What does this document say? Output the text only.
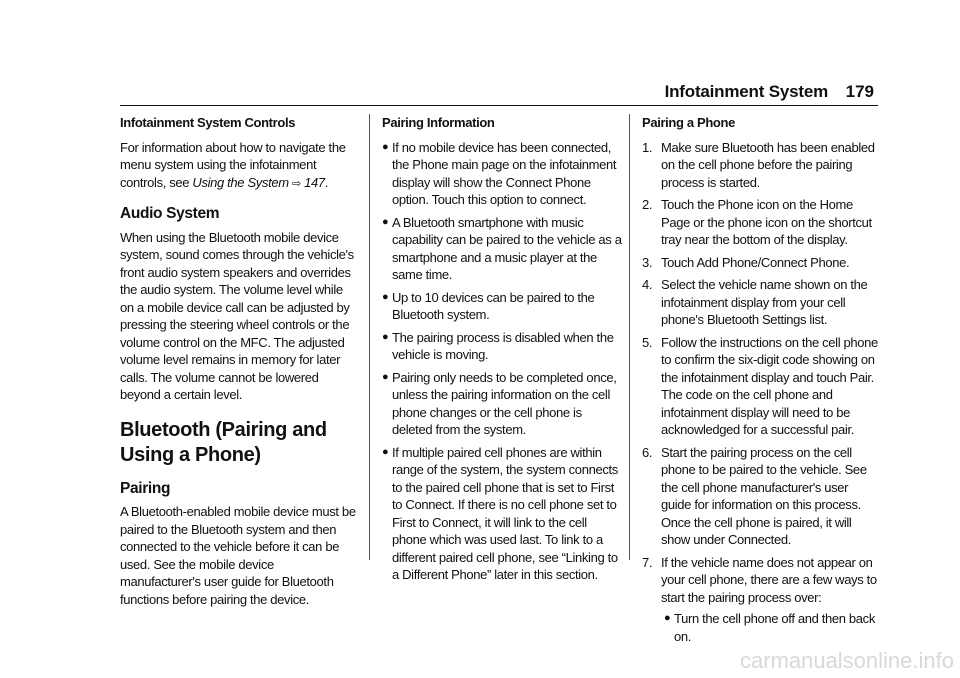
Infotainment System 179
Infotainment System Controls

For information about how to navigate the menu system using the infotainment controls, see Using the System ⇨ 147.

Audio System

When using the Bluetooth mobile device system, sound comes through the vehicle's front audio system speakers and overrides the audio system. The volume level while on a mobile device call can be adjusted by pressing the steering wheel controls or the volume control on the MFC. The adjusted volume level remains in memory for later calls. The volume cannot be lowered beyond a certain level.

Bluetooth (Pairing and Using a Phone)
Pairing

A Bluetooth-enabled mobile device must be paired to the Bluetooth system and then connected to the vehicle before it can be used. See the mobile device manufacturer's user guide for Bluetooth functions before pairing the device.

Pairing Information
● If no mobile device has been connected, the Phone main page on the infotainment display will show the Connect Phone option. Touch this option to connect.
● A Bluetooth smartphone with music capability can be paired to the vehicle as a smartphone and a music player at the same time.
● Up to 10 devices can be paired to the Bluetooth system.
● The pairing process is disabled when the vehicle is moving.
● Pairing only needs to be completed once, unless the pairing information on the cell phone changes or the cell phone is deleted from the system.
● If multiple paired cell phones are within range of the system, the system connects to the paired cell phone that is set to First to Connect. If there is no cell phone set to First to Connect, it will link to the cell phone which was used last. To link to a different paired cell phone, see “Linking to a Different Phone” later in this section.
Pairing a Phone
1. Make sure Bluetooth has been enabled on the cell phone before the pairing process is started.
2. Touch the Phone icon on the Home Page or the phone icon on the shortcut tray near the bottom of the display.
3. Touch Add Phone/Connect Phone.
4. Select the vehicle name shown on the infotainment display from your cell phone's Bluetooth Settings list.
5. Follow the instructions on the cell phone to confirm the six-digit code showing on the infotainment display and touch Pair. The code on the cell phone and infotainment display will need to be acknowledged for a successful pair.
6. Start the pairing process on the cell phone to be paired to the vehicle. See the cell phone manufacturer's user guide for information on this process. Once the cell phone is paired, it will show under Connected.
7. If the vehicle name does not appear on your cell phone, there are a few ways to start the pairing process over:
● Turn the cell phone off and then back on.
carmanualsonline.info
